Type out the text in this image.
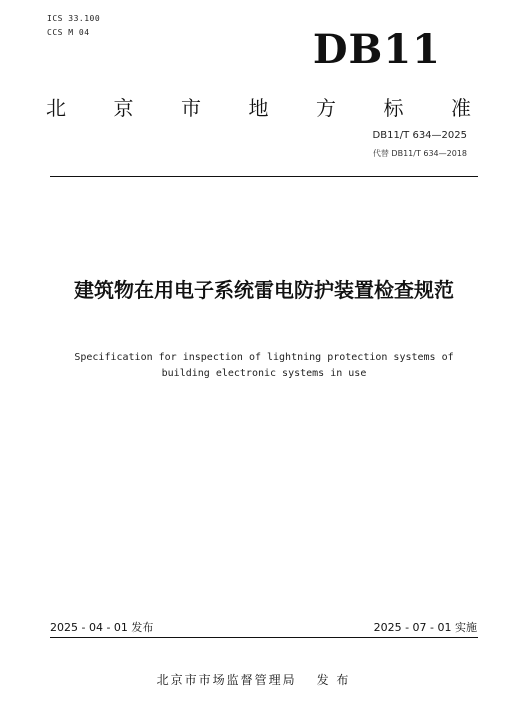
ICS 33.100
CCS M 04	DB11
北 京 市 地 方 标 准
DB11/T 634—2025
代替 DB11/T 634—2018
建筑物在用电子系统雷电防护装置检查规范
Specification for inspection of lightning protection systems of building electronic systems in use
2025 - 04 - 01 发布	2025 - 07 - 01 实施
北京市市场监督管理局 发 布
